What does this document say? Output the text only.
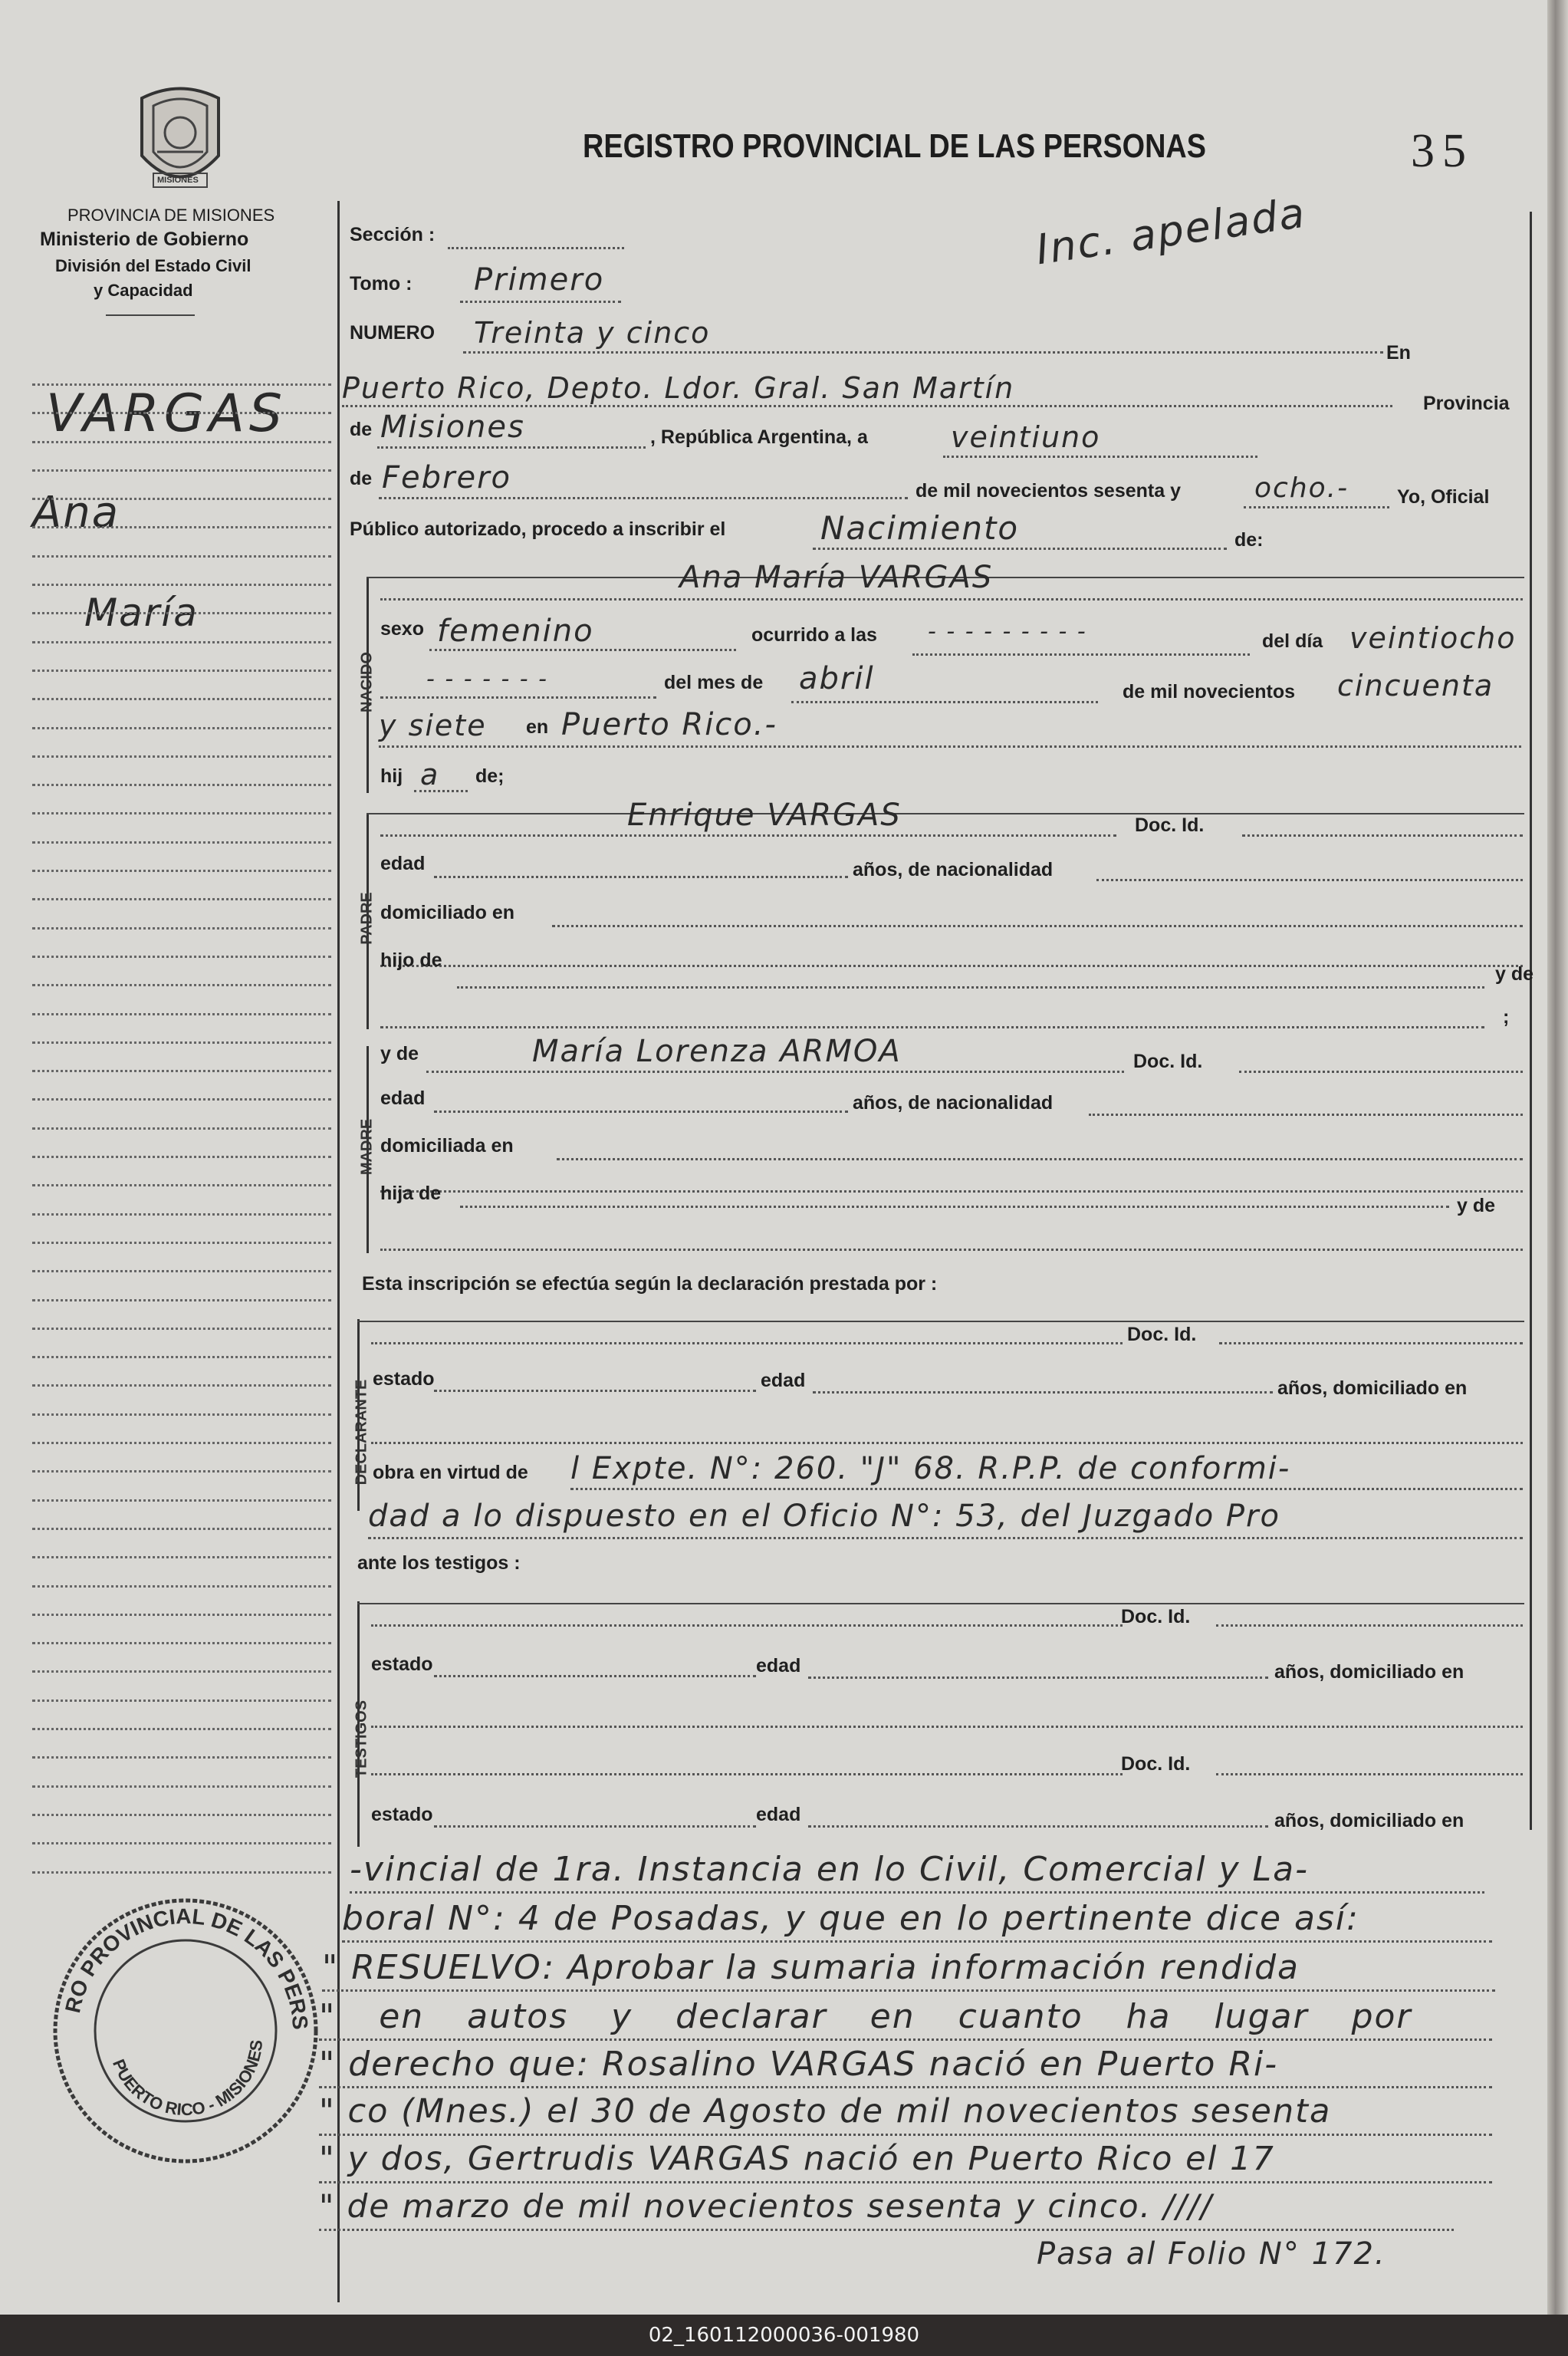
MISIONES
PROVINCIA DE MISIONES
Ministerio de Gobierno
División del Estado Civil
y Capacidad
REGISTRO PROVINCIAL DE LAS PERSONAS	35
Inc. apelada
VARGAS
Ana
María
Sección :
Tomo : Primero
NUMERO Treinta y cinco
En
Puerto Rico, Depto. Ldor. Gral. San Martín	Provincia
de Misiones	, República Argentina, a	veintiuno
de Febrero	de mil novecientos sesenta y	ocho.-	Yo, Oficial
Público autorizado, procedo a inscribir el	Nacimiento	de:
NACIDO
Ana María VARGAS
sexo femenino	ocurrido a las - - - - - - - - -	del día veintiocho
- - - - - - -	del mes de abril	de mil novecientos cincuenta
y siete en Puerto Rico.-
hij a de;
PADRE
Enrique VARGAS	Doc. Id.
edad	años, de nacionalidad
domiciliado en
hijo de
y de
;
MADRE
y de	María Lorenza ARMOA	Doc. Id.
edad	años, de nacionalidad
domiciliada en
hija de
y de
Esta inscripción se efectúa según la declaración prestada por :
DECLARANTE
Doc. Id.
estado	edad	años, domiciliado en
obra en virtud de l Expte. N°: 260. "J" 68. R.P.P. de conformi-
dad a lo dispuesto en el Oficio N°: 53, del Juzgado Pro
ante los testigos :
TESTIGOS
Doc. Id.
estado	edad	años, domiciliado en
Doc. Id.
estado	edad	años, domiciliado en
-vincial de 1ra. Instancia en lo Civil, Comercial y La-
boral N°: 4 de Posadas, y que en lo pertinente dice así:
" RESUELVO: Aprobar la sumaria información rendida
" en autos y declarar en cuanto ha lugar por
" derecho que: Rosalino VARGAS nació en Puerto Ri-
" co (Mnes.) el 30 de Agosto de mil novecientos sesenta
" y dos, Gertrudis VARGAS nació en Puerto Rico el 17
" de marzo de mil novecientos sesenta y cinco. ////
Pasa al Folio N° 172.
RO PROVINCIAL DE LAS PERS
PUERTO RICO - MISIONES
02_160112000036-001980
